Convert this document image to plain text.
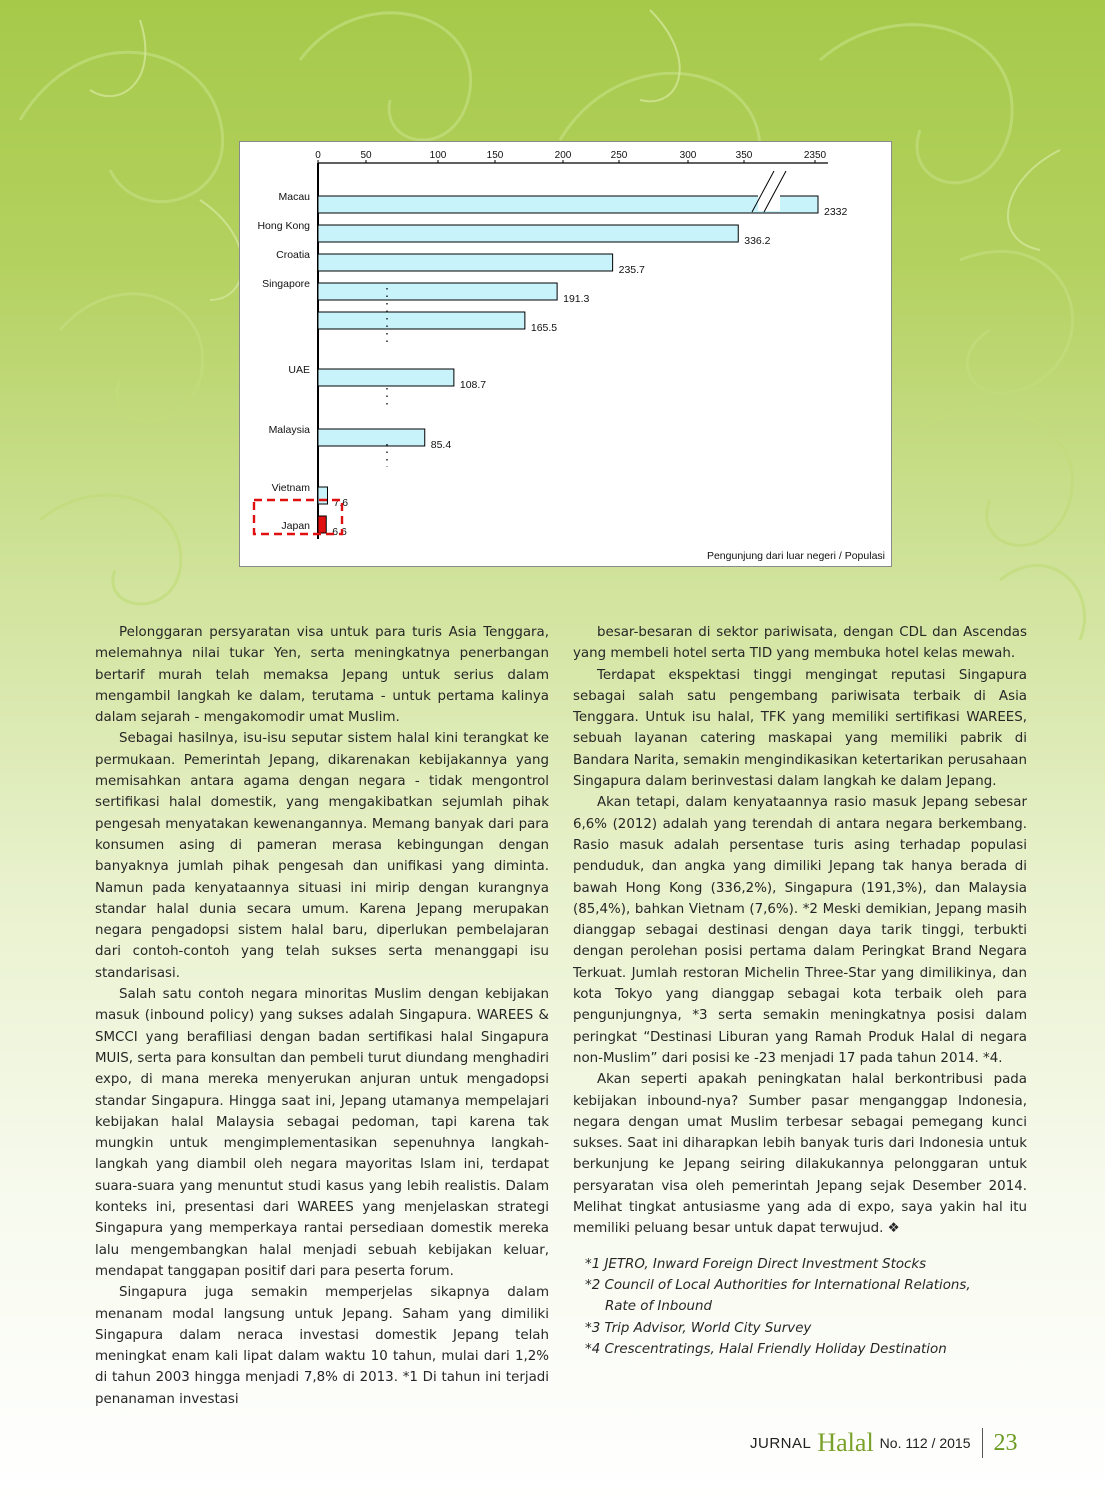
0	50	100	150	200	250	300	350	2350
2332
Macau
336.2
Hong Kong
235.7
Croatia
191.3
Singapore
165.5
108.7
UAE
85.4
Malaysia
7.6
Vietnam
6.6
Japan
Pengunjung dari luar negeri / Populasi

Pelonggaran persyaratan visa untuk para turis Asia Tenggara, melemahnya nilai tukar Yen, serta meningkatnya penerbangan bertarif murah telah memaksa Jepang untuk serius dalam mengambil langkah ke dalam, terutama - untuk pertama kalinya dalam sejarah - mengakomodir umat Muslim.

Sebagai hasilnya, isu-isu seputar sistem halal kini terangkat ke permukaan. Pemerintah Jepang, dikarenakan kebijakannya yang memisahkan antara agama dengan negara - tidak mengontrol sertifikasi halal domestik, yang mengakibatkan sejumlah pihak pengesah menyatakan kewenangannya. Memang banyak dari para konsumen asing di pameran merasa kebingungan dengan banyaknya jumlah pihak pengesah dan unifikasi yang diminta. Namun pada kenyataannya situasi ini mirip dengan kurangnya standar halal dunia secara umum. Karena Jepang merupakan negara pengadopsi sistem halal baru, diperlukan pembelajaran dari contoh-contoh yang telah sukses serta menanggapi isu standarisasi.

Salah satu contoh negara minoritas Muslim dengan kebijakan masuk (inbound policy) yang sukses adalah Singapura. WAREES & SMCCI yang berafiliasi dengan badan sertifikasi halal Singapura MUIS, serta para konsultan dan pembeli turut diundang menghadiri expo, di mana mereka menyerukan anjuran untuk mengadopsi standar Singapura. Hingga saat ini, Jepang utamanya mempelajari kebijakan halal Malaysia sebagai pedoman, tapi karena tak mungkin untuk mengimplementasikan sepenuhnya langkah-langkah yang diambil oleh negara mayoritas Islam ini, terdapat suara-suara yang menuntut studi kasus yang lebih realistis. Dalam konteks ini, presentasi dari WAREES yang menjelaskan strategi Singapura yang memperkaya rantai persediaan domestik mereka lalu mengembangkan halal menjadi sebuah kebijakan keluar, mendapat tanggapan positif dari para peserta forum.

Singapura juga semakin memperjelas sikapnya dalam menanam modal langsung untuk Jepang. Saham yang dimiliki Singapura dalam neraca investasi domestik Jepang telah meningkat enam kali lipat dalam waktu 10 tahun, mulai dari 1,2% di tahun 2003 hingga menjadi 7,8% di 2013. *1 Di tahun ini terjadi penanaman investasi

besar-besaran di sektor pariwisata, dengan CDL dan Ascendas yang membeli hotel serta TID yang membuka hotel kelas mewah.

Terdapat ekspektasi tinggi mengingat reputasi Singapura sebagai salah satu pengembang pariwisata terbaik di Asia Tenggara. Untuk isu halal, TFK yang memiliki sertifikasi WAREES, sebuah layanan catering maskapai yang memiliki pabrik di Bandara Narita, semakin mengindikasikan ketertarikan perusahaan Singapura dalam berinvestasi dalam langkah ke dalam Jepang.

Akan tetapi, dalam kenyataannya rasio masuk Jepang sebesar 6,6% (2012) adalah yang terendah di antara negara berkembang. Rasio masuk adalah persentase turis asing terhadap populasi penduduk, dan angka yang dimiliki Jepang tak hanya berada di bawah Hong Kong (336,2%), Singapura (191,3%), dan Malaysia (85,4%), bahkan Vietnam (7,6%). *2 Meski demikian, Jepang masih dianggap sebagai destinasi dengan daya tarik tinggi, terbukti dengan perolehan posisi pertama dalam Peringkat Brand Negara Terkuat. Jumlah restoran Michelin Three-Star yang dimilikinya, dan kota Tokyo yang dianggap sebagai kota terbaik oleh para pengunjungnya, *3 serta semakin meningkatnya posisi dalam peringkat “Destinasi Liburan yang Ramah Produk Halal di negara non-Muslim” dari posisi ke -23 menjadi 17 pada tahun 2014. *4.

Akan seperti apakah peningkatan halal berkontribusi pada kebijakan inbound-nya? Sumber pasar menganggap Indonesia, negara dengan umat Muslim terbesar sebagai pemegang kunci sukses. Saat ini diharapkan lebih banyak turis dari Indonesia untuk berkunjung ke Jepang seiring dilakukannya pelonggaran untuk persyaratan visa oleh pemerintah Jepang sejak Desember 2014. Melihat tingkat antusiasme yang ada di expo, saya yakin hal itu memiliki peluang besar untuk dapat terwujud. ❖

*1 JETRO, Inward Foreign Direct Investment Stocks
*2 Council of Local Authorities for International Relations,
Rate of Inbound
*3 Trip Advisor, World City Survey
*4 Crescentratings, Halal Friendly Holiday Destination
JURNAL Halal No. 112 / 2015 23
